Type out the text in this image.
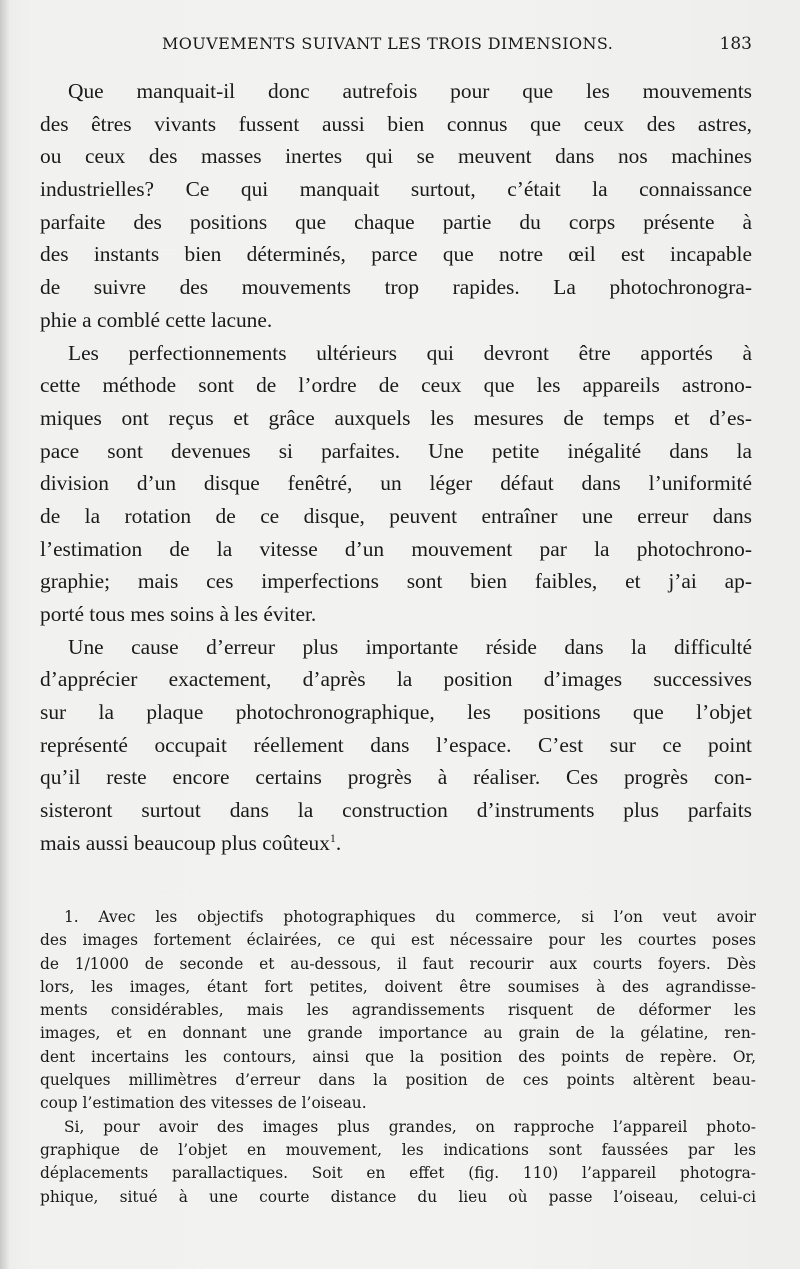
MOUVEMENTS SUIVANT LES TROIS DIMENSIONS.	183
Que manquait-il donc autrefois pour que les mouvements
des êtres vivants fussent aussi bien connus que ceux des astres,
ou ceux des masses inertes qui se meuvent dans nos machines
industrielles? Ce qui manquait surtout, c’était la connaissance
parfaite des positions que chaque partie du corps présente à
des instants bien déterminés, parce que notre œil est incapable
de suivre des mouvements trop rapides. La photochronogra-
phie a comblé cette lacune.
Les perfectionnements ultérieurs qui devront être apportés à
cette méthode sont de l’ordre de ceux que les appareils astrono-
miques ont reçus et grâce auxquels les mesures de temps et d’es-
pace sont devenues si parfaites. Une petite inégalité dans la
division d’un disque fenêtré, un léger défaut dans l’uniformité
de la rotation de ce disque, peuvent entraîner une erreur dans
l’estimation de la vitesse d’un mouvement par la photochrono-
graphie; mais ces imperfections sont bien faibles, et j’ai ap-
porté tous mes soins à les éviter.
Une cause d’erreur plus importante réside dans la difficulté
d’apprécier exactement, d’après la position d’images successives
sur la plaque photochronographique, les positions que l’objet
représenté occupait réellement dans l’espace. C’est sur ce point
qu’il reste encore certains progrès à réaliser. Ces progrès con-
sisteront surtout dans la construction d’instruments plus parfaits
mais aussi beaucoup plus coûteux$^1$.
1. Avec les objectifs photographiques du commerce, si l’on veut avoir
des images fortement éclairées, ce qui est nécessaire pour les courtes poses
de 1/1000 de seconde et au-dessous, il faut recourir aux courts foyers. Dès
lors, les images, étant fort petites, doivent être soumises à des agrandisse-
ments considérables, mais les agrandissements risquent de déformer les
images, et en donnant une grande importance au grain de la gélatine, ren-
dent incertains les contours, ainsi que la position des points de repère. Or,
quelques millimètres d’erreur dans la position de ces points altèrent beau-
coup l’estimation des vitesses de l’oiseau.
Si, pour avoir des images plus grandes, on rapproche l’appareil photo-
graphique de l’objet en mouvement, les indications sont faussées par les
déplacements parallactiques. Soit en effet (fig. 110) l’appareil photogra-
phique, situé à une courte distance du lieu où passe l’oiseau, celui-ci
